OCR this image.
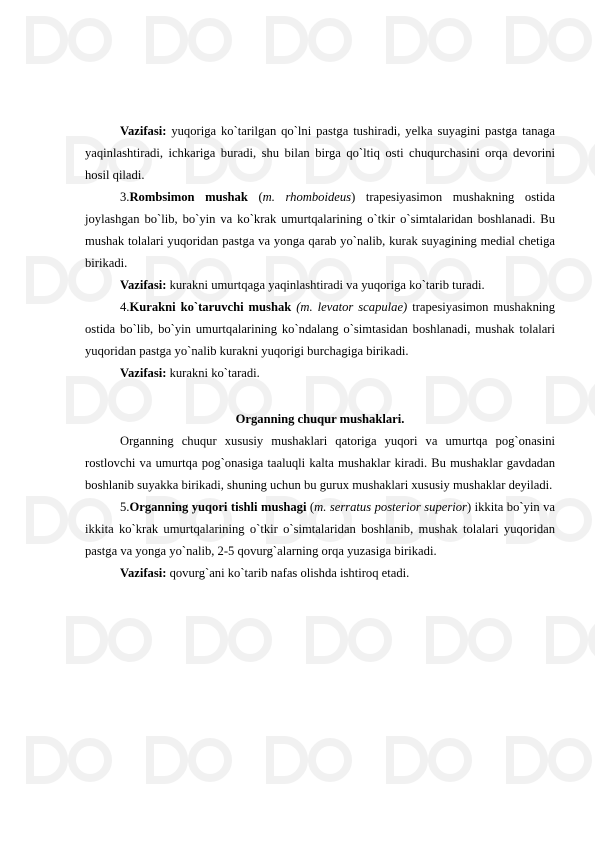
Vazifasi: yuqoriga ko`tarilgan qo`lni pastga tushiradi, yelka suyagini pastga tanaga yaqinlashtiradi, ichkariga buradi, shu bilan birga qo`ltiq osti chuqurchasini orqa devorini hosil qiladi.

3.Rombsimon mushak (m. rhomboideus) trapesiyasimon mushakning ostida joylashgan bo`lib, bo`yin va ko`krak umurtqalarining o`tkir o`simtalaridan boshlanadi. Bu mushak tolalari yuqoridan pastga va yonga qarab yo`nalib, kurak suyagining medial chetiga birikadi.

Vazifasi: kurakni umurtqaga yaqinlashtiradi va yuqoriga ko`tarib turadi.

4.Kurakni ko`taruvchi mushak (m. levator scapulae) trapesiyasimon mushakning ostida bo`lib, bo`yin umurtqalarining ko`ndalang o`simtasidan boshlanadi, mushak tolalari yuqoridan pastga yo`nalib kurakni yuqorigi burchagiga birikadi.

Vazifasi: kurakni ko`taradi.

Organning chuqur mushaklari.

Organning chuqur xususiy mushaklari qatoriga yuqori va umurtqa pog`onasini rostlovchi va umurtqa pog`onasiga taaluqli kalta mushaklar kiradi. Bu mushaklar gavdadan boshlanib suyakka birikadi, shuning uchun bu gurux mushaklari xususiy mushaklar deyiladi.

5.Organning yuqori tishli mushagi (m. serratus posterior superior) ikkita bo`yin va ikkita ko`krak umurtqalarining o`tkir o`simtalaridan boshlanib, mushak tolalari yuqoridan pastga va yonga yo`nalib, 2-5 qovurg`alarning orqa yuzasiga birikadi.

Vazifasi: qovurg`ani ko`tarib nafas olishda ishtiroq etadi.
